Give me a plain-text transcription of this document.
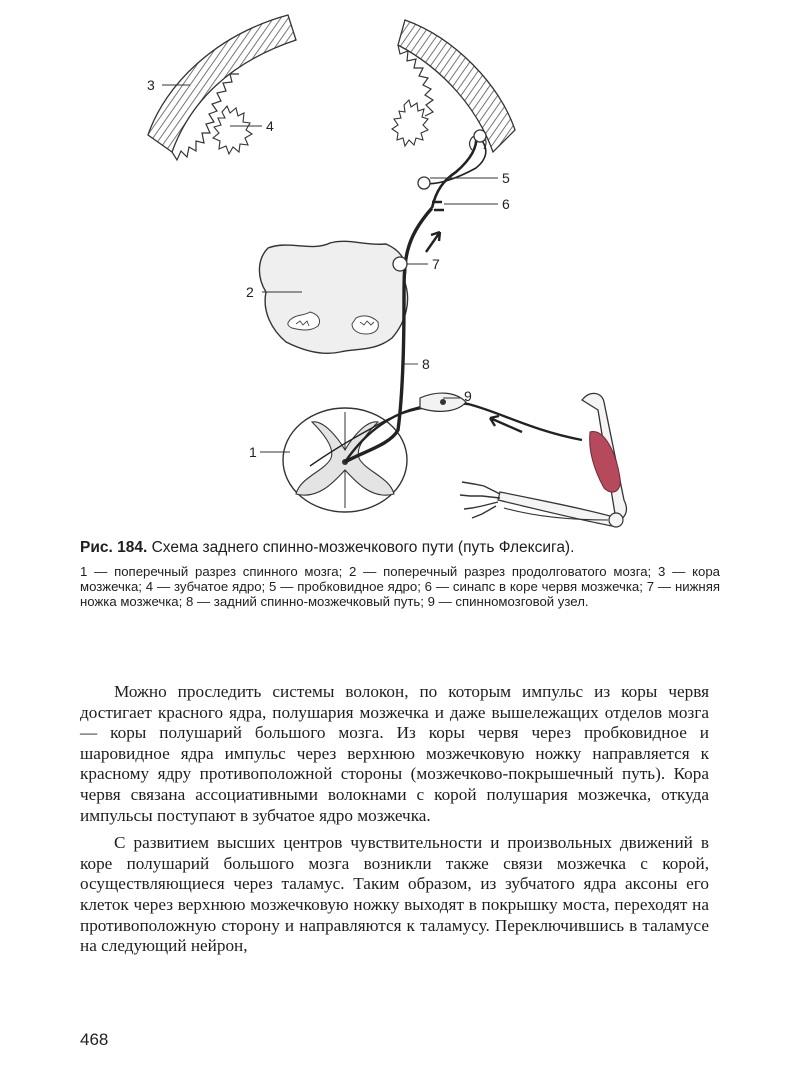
3
4
5
6
7
2
8
9
1

Рис. 184. Схема заднего спинно-мозжечкового пути (путь Флексига).

1 — поперечный разрез спинного мозга; 2 — поперечный разрез продолговатого мозга; 3 — кора мозжечка; 4 — зубчатое ядро; 5 — пробковидное ядро; 6 — синапс в коре червя мозжечка; 7 — нижняя ножка мозжечка; 8 — задний спинно-мозжечковый путь; 9 — спинномозговой узел.

Можно проследить системы волокон, по которым импульс из коры червя достигает красного ядра, полушария мозжечка и даже вышележащих отделов мозга — коры полушарий большого мозга. Из коры червя через пробковидное и шаровидное ядра импульс через верхнюю мозжечковую ножку направляется к красному ядру противоположной стороны (мозжечково-покрышечный путь). Кора червя связана ассоциативными волокнами с корой полушария мозжечка, откуда импульсы поступают в зубчатое ядро мозжечка.

С развитием высших центров чувствительности и произвольных движений в коре полушарий большого мозга возникли также связи мозжечка с корой, осуществляющиеся через таламус. Таким образом, из зубчатого ядра аксоны его клеток через верхнюю мозжечковую ножку выходят в покрышку моста, переходят на противоположную сторону и направляются к таламусу. Переключившись в таламусе на следующий нейрон,

468
